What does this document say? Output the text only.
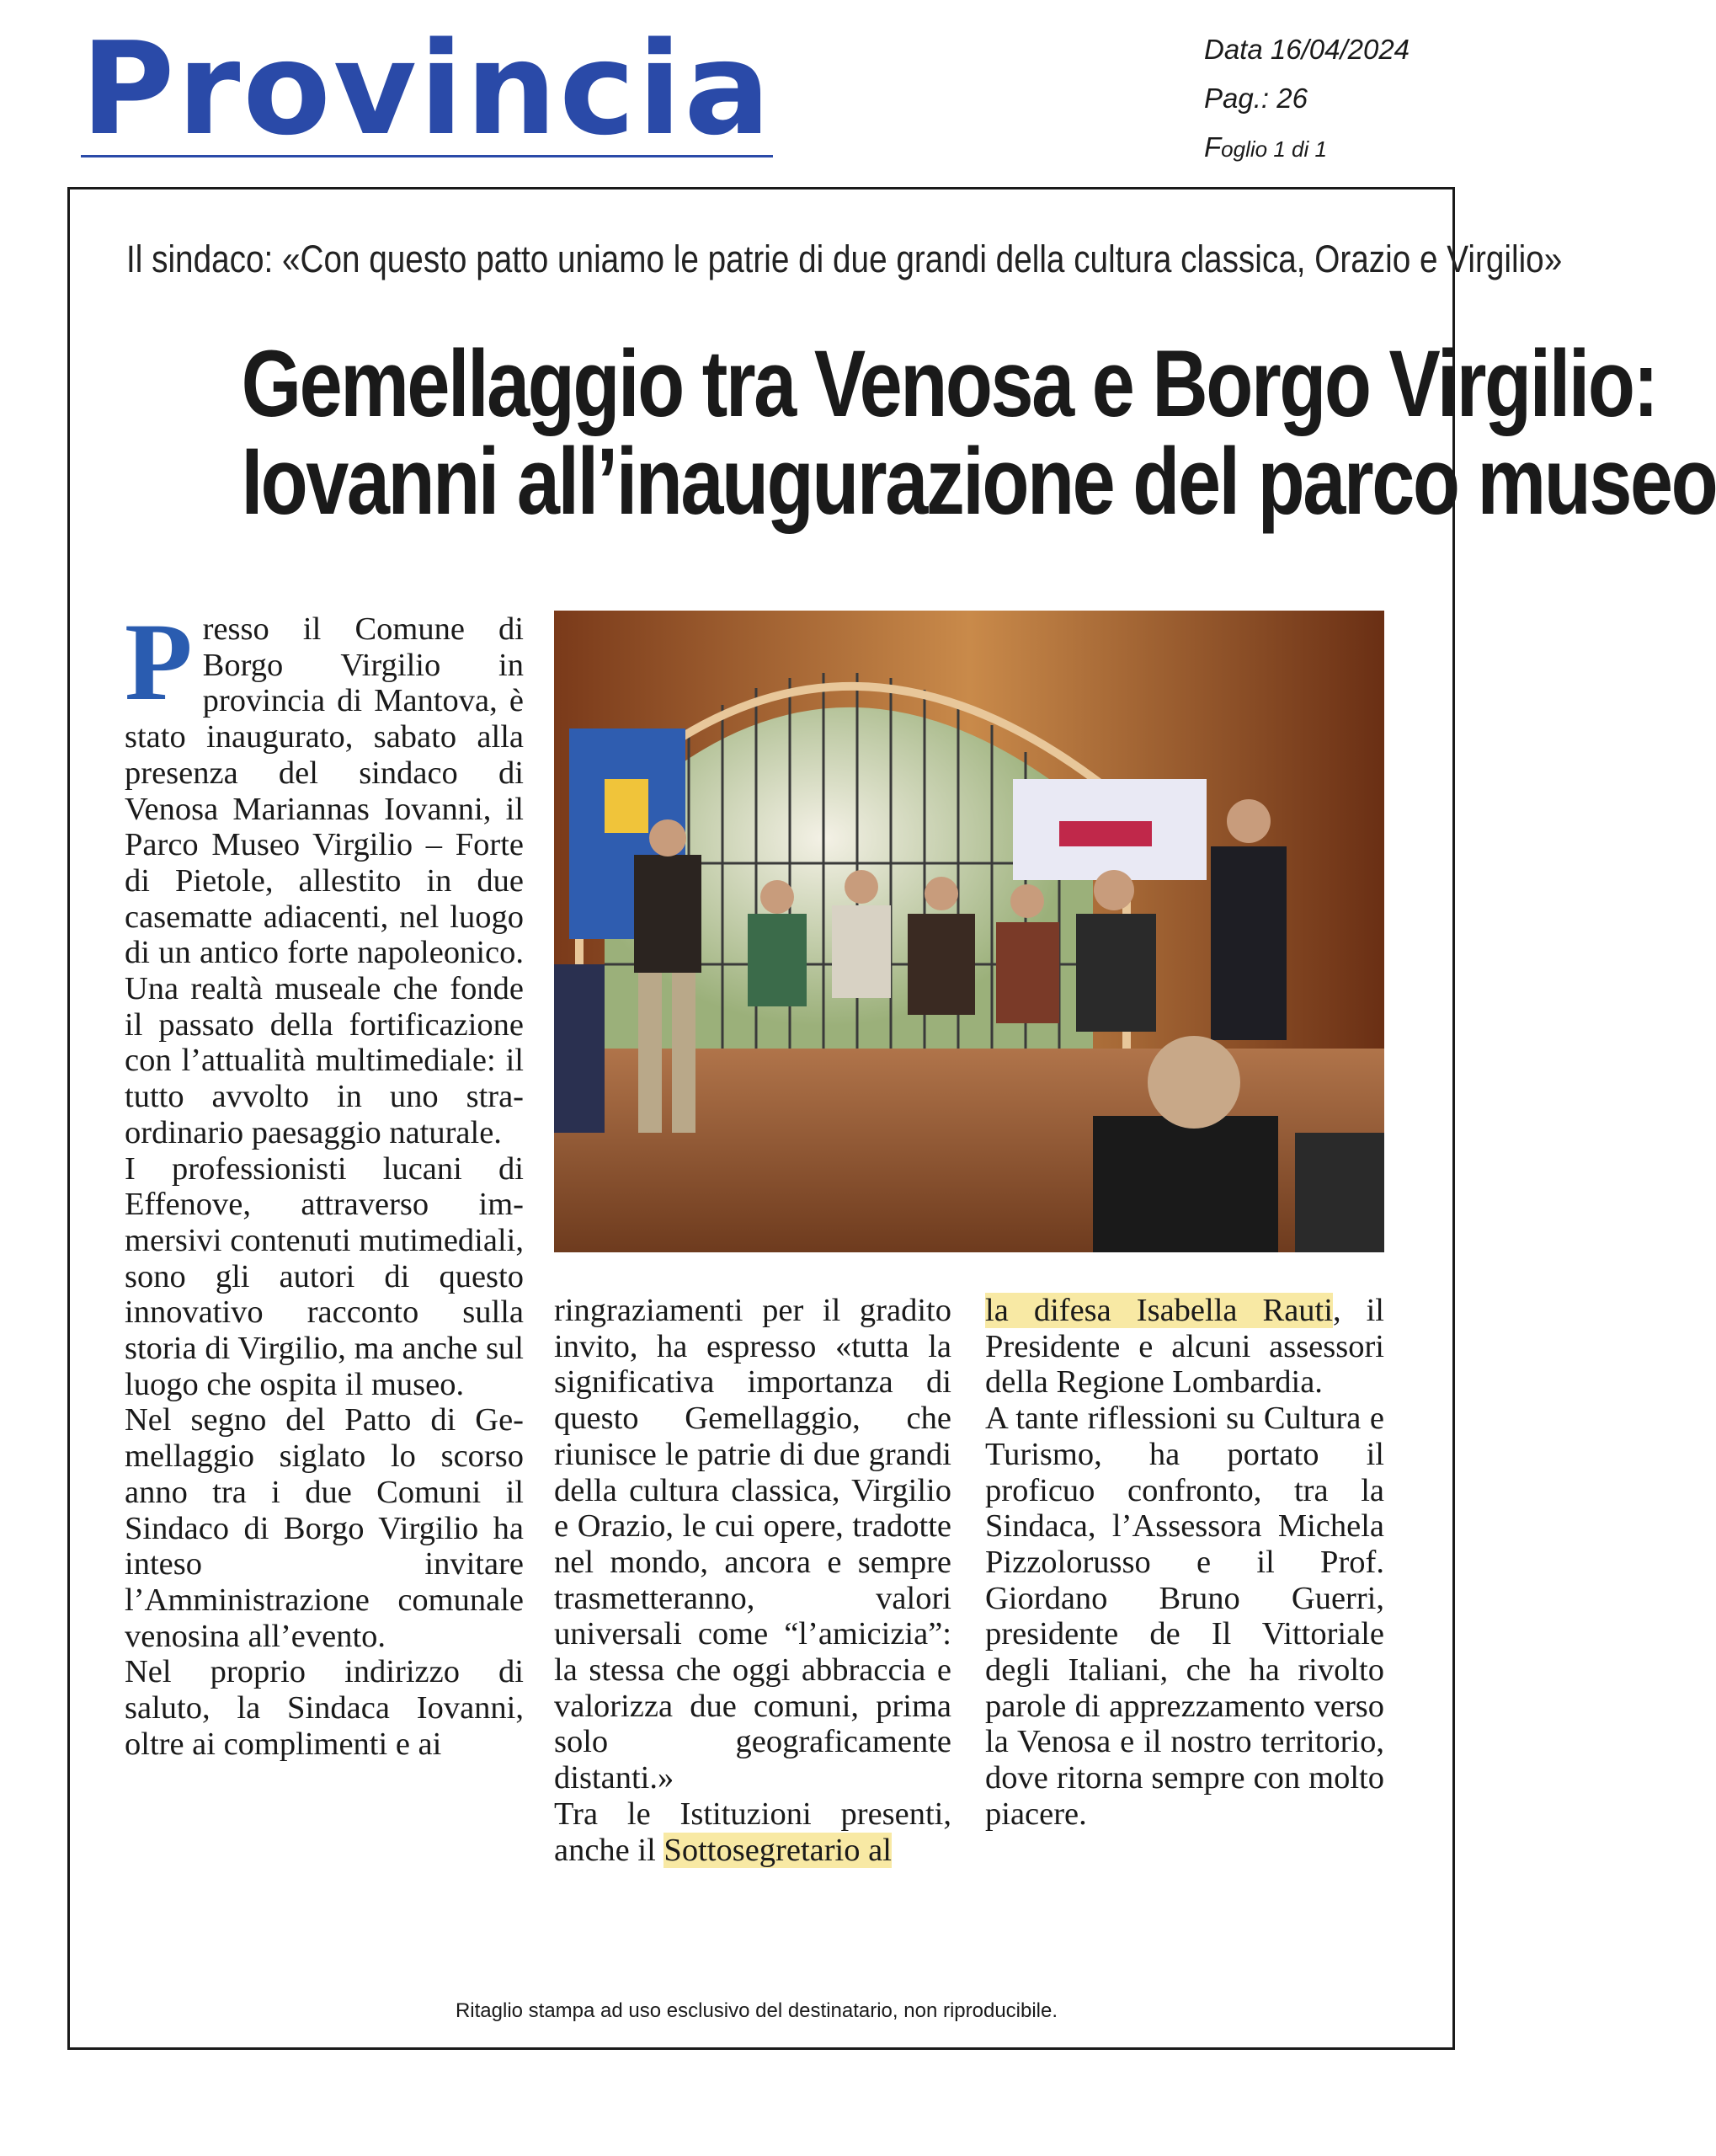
Provincia	Data 16/04/2024
Pag.: 26
Foglio 1 di 1
Il sindaco: «Con questo patto uniamo le patrie di due grandi della cultura classica, Orazio e Virgilio»
Gemellaggio tra Venosa e Borgo Virgilio:
Iovanni all’inaugurazione del parco museo

Presso il Comune di Borgo Virgilio in provincia di Mantova, è stato inaugurato, sabato alla presenza del sindaco di Venosa Mariannas Iovanni, il Parco Museo Virgilio – Forte di Pietole, allestito in due casematte adiacenti, nel luogo di un antico forte napoleonico. Una realtà museale che fonde il passato della fortificazione con l’attualità multimediale: il tutto avvolto in uno straordinario paesaggio naturale.

I professionisti lucani di Effenove, attraverso immersivi contenuti mutimediali, sono gli autori di questo innovativo racconto sulla storia di Virgilio, ma anche sul luogo che ospita il museo.

Nel segno del Patto di Gemellaggio siglato lo scorso anno tra i due Comuni il Sindaco di Borgo Virgilio ha inteso invitare l’Amministrazione comunale venosina all’evento.

Nel proprio indirizzo di saluto, la Sindaca Iovanni, oltre ai complimenti e ai

ringraziamenti per il gradito invito, ha espresso «tutta la significativa importanza di questo Gemellaggio, che riunisce le patrie di due grandi della cultura classica, Virgilio e Orazio, le cui opere, tradotte nel mondo, ancora e sempre trasmetteranno, valori universali come “l’amicizia”: la stessa che oggi abbraccia e valorizza due comuni, prima solo geograficamente distanti.»

Tra le Istituzioni presenti, anche il Sottosegretario al

la difesa Isabella Rauti, il Presidente e alcuni assessori della Regione Lombardia.

A tante riflessioni su Cultura e Turismo, ha portato il proficuo confronto, tra la Sindaca, l’Assessora Michela Pizzolorusso e il Prof. Giordano Bruno Guerri, presidente de Il Vittoriale degli Italiani, che ha rivolto parole di apprezzamento verso la Venosa e il nostro territorio, dove ritorna sempre con molto piacere.

Ritaglio stampa ad uso esclusivo del destinatario, non riproducibile.
